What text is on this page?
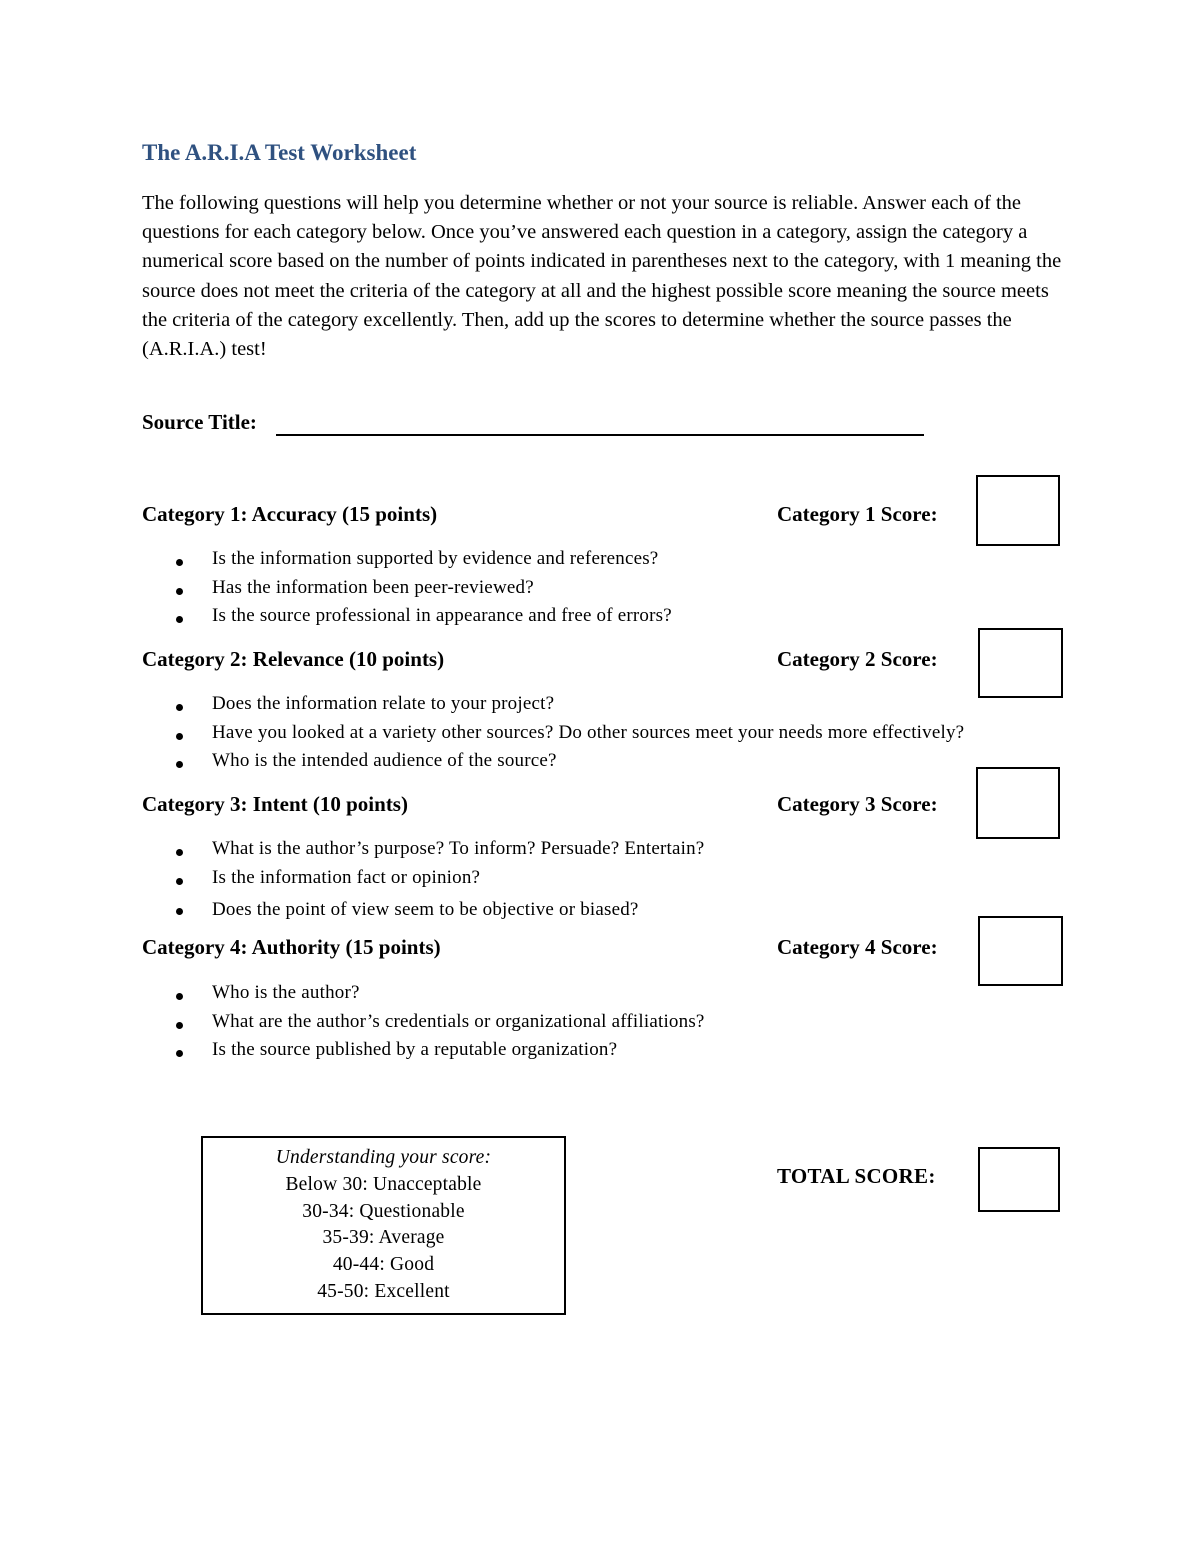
The A.R.I.A Test Worksheet

The following questions will help you determine whether or not your source is reliable. Answer each of the questions for each category below. Once you’ve answered each question in a category, assign the category a numerical score based on the number of points indicated in parentheses next to the category, with 1 meaning the source does not meet the criteria of the category at all and the highest possible score meaning the source meets the criteria of the category excellently. Then, add up the scores to determine whether the source passes the (A.R.I.A.) test!

Source Title:
Category 1: Accuracy (15 points)	Category 1 Score:
Is the information supported by evidence and references?
Has the information been peer-reviewed?
Is the source professional in appearance and free of errors?
Category 2: Relevance (10 points)	Category 2 Score:
Does the information relate to your project?
Have you looked at a variety other sources? Do other sources meet your needs more effectively?
Who is the intended audience of the source?
Category 3: Intent (10 points)	Category 3 Score:
What is the author’s purpose? To inform? Persuade? Entertain?
Is the information fact or opinion?
Does the point of view seem to be objective or biased?
Category 4: Authority (15 points)	Category 4 Score:
Who is the author?
What are the author’s credentials or organizational affiliations?
Is the source published by a reputable organization?
Understanding your score:
Below 30: Unacceptable
30-34: Questionable
35-39: Average
40-44: Good
45-50: Excellent
TOTAL SCORE:
